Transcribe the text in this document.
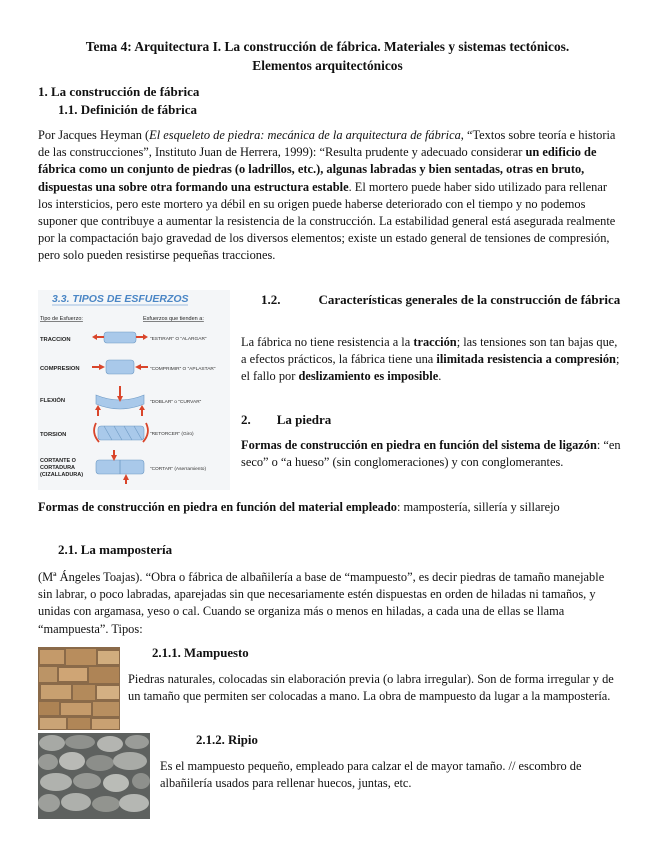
Tema 4: Arquitectura I. La construcción de fábrica. Materiales y sistemas tectónicos.
Elementos arquitectónicos
1. La construcción de fábrica
1.1. Definición de fábrica

Por Jacques Heyman (El esqueleto de piedra: mecánica de la arquitectura de fábrica, “Textos sobre teoría e historia de las construcciones”, Instituto Juan de Herrera, 1999): “Resulta prudente y adecuado considerar un edificio de fábrica como un conjunto de piedras (o ladrillos, etc.), algunas labradas y bien sentadas, otras en bruto, dispuestas una sobre otra formando una estructura estable. El mortero puede haber sido utilizado para rellenar los intersticios, pero este mortero ya débil en su origen puede haberse deteriorado con el tiempo y no podemos suponer que contribuye a aumentar la resistencia de la construcción. La estabilidad general está asegurada realmente por la compactación bajo gravedad de los diversos elementos; existe un estado general de tensiones de compresión, pero solo pueden resistirse pequeñas tracciones.

3.3. TIPOS DE ESFUERZOS
Tipo de Esfuerzo:	Esfuerzos que tienden a:
TRACCION	“ESTIRAR” O “ALARGAR”
COMPRESION	“COMPRIMIR” O “APLASTAR”
FLEXIÓN	“DOBLAR” o “CURVAR”
TORSION	“RETORCER” (Giro)
CORTANTE O
CORTADURA
(CIZALLADURA)
“CORTAR” (Aserramiento)
1.2.	Características generales de la construcción de fábrica

La fábrica no tiene resistencia a la tracción; las tensiones son tan bajas que, a efectos prácticos, la fábrica tiene una ilimitada resistencia a compresión; el fallo por deslizamiento es imposible.

2. La piedra

Formas de construcción en piedra en función del sistema de ligazón: “en seco” o “a hueso” (sin conglomeraciones) y con conglomerantes.

Formas de construcción en piedra en función del material empleado: mampostería, sillería y sillarejo

2.1. La mampostería

(Mª Ángeles Toajas). “Obra o fábrica de albañilería a base de “mampuesto”, es decir piedras de tamaño manejable sin labrar, o poco labradas, aparejadas sin que necesariamente estén dispuestas en orden de hiladas ni tamaños, y unidas con argamasa, yeso o cal. Cuando se organiza más o menos en hiladas, a cada una de ellas se llama “mampuesta”. Tipos:

2.1.1. Mampuesto

Piedras naturales, colocadas sin elaboración previa (o labra irregular). Son de forma irregular y de un tamaño que permiten ser colocadas a mano. La obra de mampuesto da lugar a la mampostería.

2.1.2. Ripio

Es el mampuesto pequeño, empleado para calzar el de mayor tamaño. // escombro de albañilería usados para rellenar huecos, juntas, etc.
